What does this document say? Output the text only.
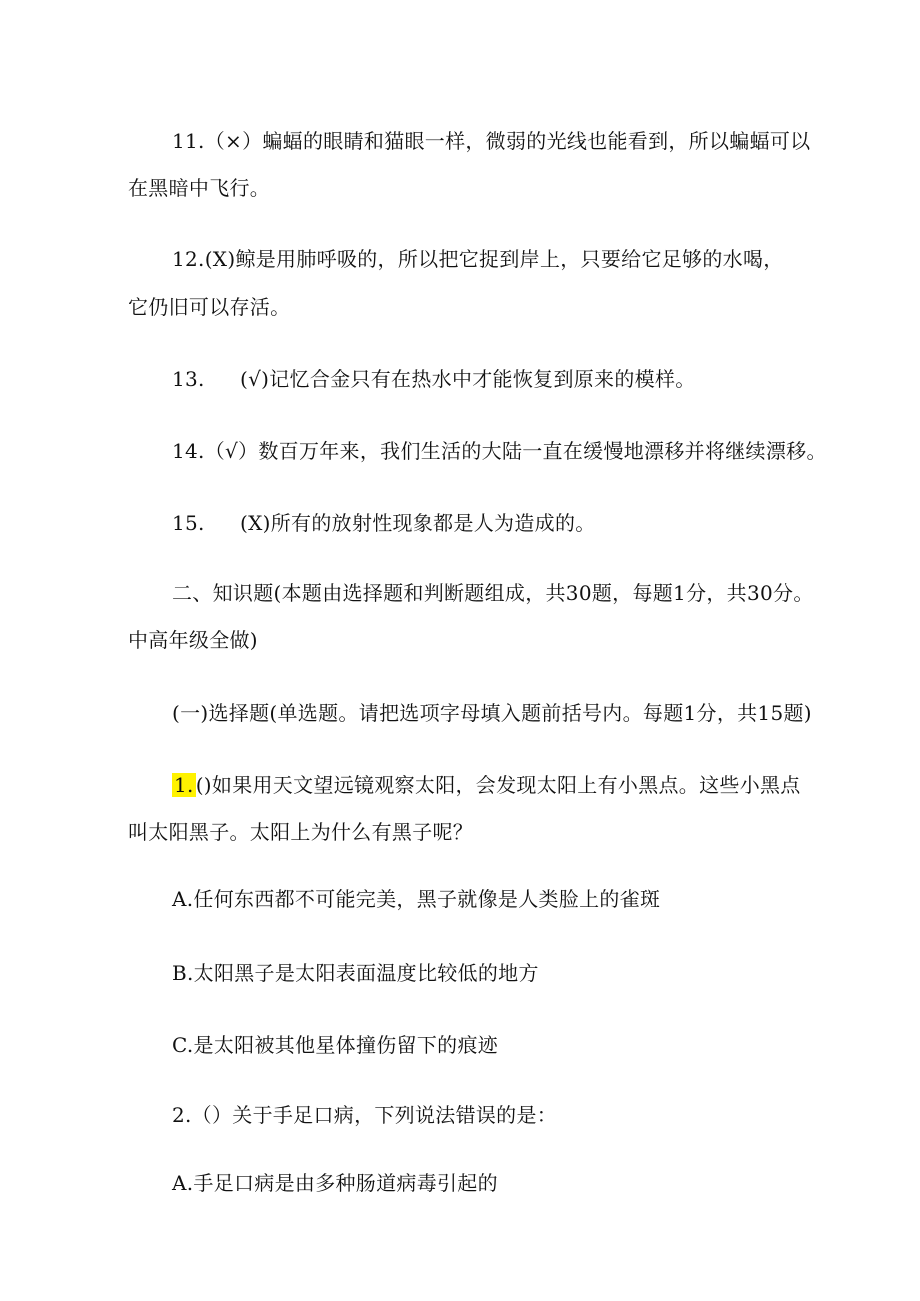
11.（×）蝙蝠的眼睛和猫眼一样，微弱的光线也能看到，所以蝙蝠可以
在黑暗中飞行。
12.(X)鲸是用肺呼吸的，所以把它捉到岸上，只要给它足够的水喝，
它仍旧可以存活。
13. (√)记忆合金只有在热水中才能恢复到原来的模样。
14.（√）数百万年来，我们生活的大陆一直在缓慢地漂移并将继续漂移。
15. (X)所有的放射性现象都是人为造成的。
二、知识题(本题由选择题和判断题组成，共30题，每题1分，共30分。
中高年级全做)
(一)选择题(单选题。请把选项字母填入题前括号内。每题1分，共15题)
1. ()如果用天文望远镜观察太阳，会发现太阳上有小黑点。这些小黑点
叫太阳黑子。太阳上为什么有黑子呢？
A.任何东西都不可能完美，黑子就像是人类脸上的雀斑
B.太阳黑子是太阳表面温度比较低的地方
C.是太阳被其他星体撞伤留下的痕迹
2.（）关于手足口病，下列说法错误的是：
A.手足口病是由多种肠道病毒引起的
